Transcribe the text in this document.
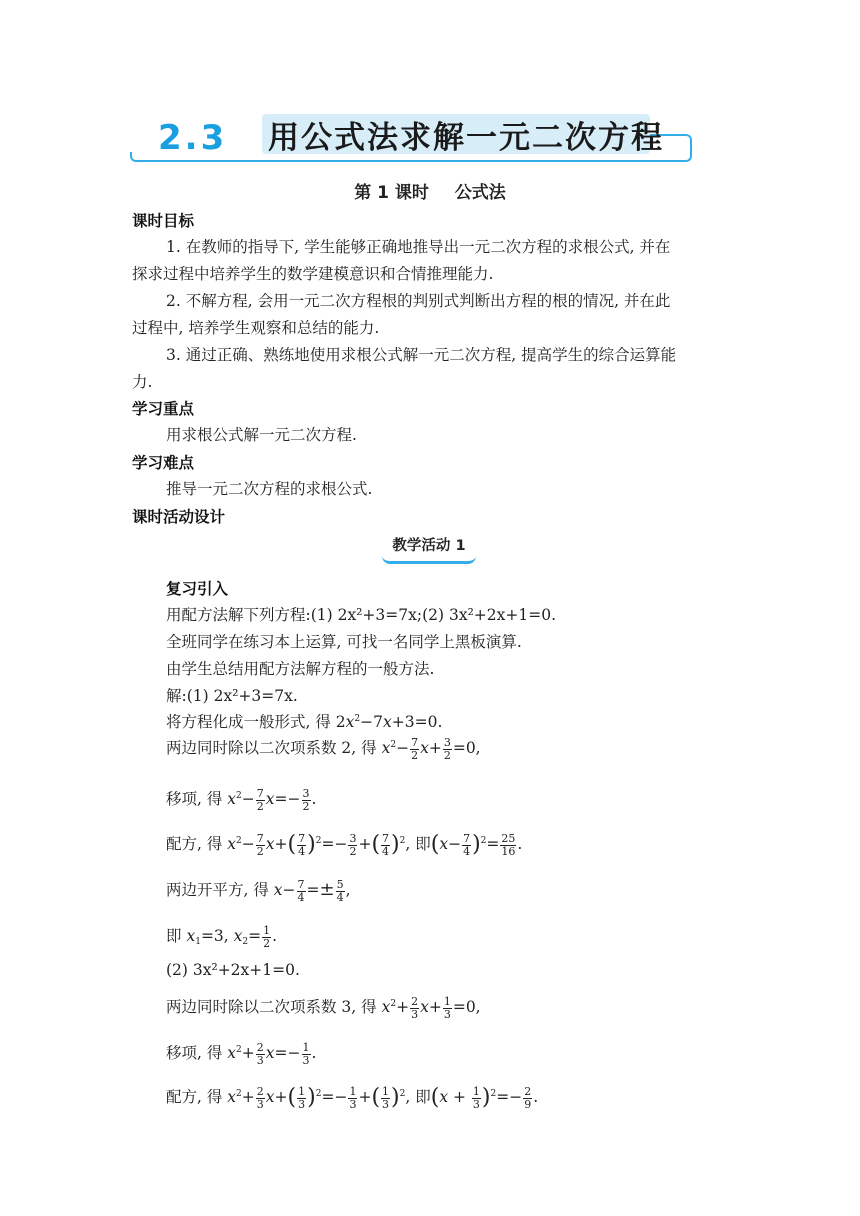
2.3 用公式法求解一元二次方程
第 1 课时 公式法
课时目标
1. 在教师的指导下, 学生能够正确地推导出一元二次方程的求根公式, 并在
探求过程中培养学生的数学建模意识和合情推理能力.
2. 不解方程, 会用一元二次方程根的判别式判断出方程的根的情况, 并在此
过程中, 培养学生观察和总结的能力.
3. 通过正确、熟练地使用求根公式解一元二次方程, 提高学生的综合运算能
力.
学习重点
用求根公式解一元二次方程.
学习难点
推导一元二次方程的求根公式.
课时活动设计
教学活动 1
复习引入
用配方法解下列方程:(1) 2x²+3=7x;(2) 3x²+2x+1=0.
全班同学在练习本上运算, 可找一名同学上黑板演算.
由学生总结用配方法解方程的一般方法.
解:(1) 2x²+3=7x.
将方程化成一般形式, 得 $2x^2-7x+3=0$.
两边同时除以二次项系数 2, 得 $x^2- \frac{7}{2} x+ \frac{3}{2} =0$,
移项, 得 $x^2- \frac{7}{2} x=- \frac{3}{2}$ .
配方, 得 $x^2- \frac{7}{2} x+( \frac{7}{4} )^2=- \frac{3}{2}$ +( $\frac{7}{4} )^2$, 即$(x- \frac{7}{4} )^2= \frac{25}{16}$ .
两边开平方, 得 $x- \frac{7}{4} =\pm \frac{5}{4}$ ,
即 $x_1=3$, $x_2= \frac{1}{2}$ .
(2) 3x²+2x+1=0.
两边同时除以二次项系数 3, 得 $x^2+ \frac{2}{3} x+ \frac{1}{3} =0$,
移项, 得 $x^2+ \frac{2}{3} x=- \frac{1}{3}$ .
配方, 得 $x^2+ \frac{2}{3} x+( \frac{1}{3} )^2=- \frac{1}{3}$ +( $\frac{1}{3} )^2$, 即$(x + \frac{1}{3} )^2=- \frac{2}{9}$ .
